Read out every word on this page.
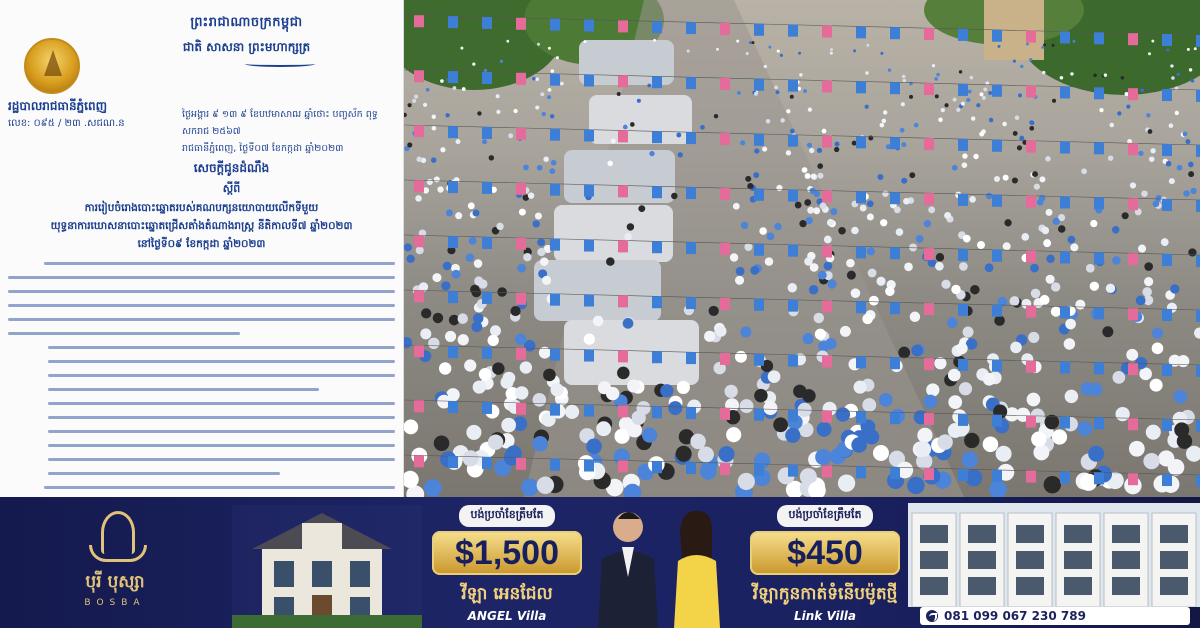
ព្រះរាជាណាចក្រកម្ពុជា
ជាតិ សាសនា ព្រះមហាក្សត្រ
រដ្ឋបាលរាជធានីភ្នំពេញ
លេខ: ០៩៥ / ២៣ .សជណ.ន
ថ្ងៃអង្គារ ៩ ១៣ ៩ ខែបឋមាសាឍ ឆ្នាំថោះ បញ្ចស័ក ពុទ្ធសករាជ ២៥៦៧
រាជធានីភ្នំពេញ, ថ្ងៃទី០៧ ខែកក្កដា ឆ្នាំ២០២៣
សេចក្តីជូនដំណឹង
ស្តីពី
ការរៀបចំរោងបោះឆ្នោតរបស់គណបក្សនយោបាយលើកទីមួយ
យុទ្ធនាការឃោសនាបោះឆ្នោតជ្រើសតាំងតំណាងរាស្ត្រ នីតិកាលទី៧ ឆ្នាំ២០២៣
នៅថ្ងៃទី០៩ ខែកក្កដា ឆ្នាំ២០២៣
បុរី បុស្សា
BOSBA
បង់ប្រចាំខែត្រឹមតែ
$1,500
វីឡា អេនជែល
ANGEL Villa
បង់ប្រចាំខែត្រឹមតែ
$450
វីឡាកូនកាត់ទំនើបម៉ូតថ្មី
Link Villa	081 099 067 230 789
